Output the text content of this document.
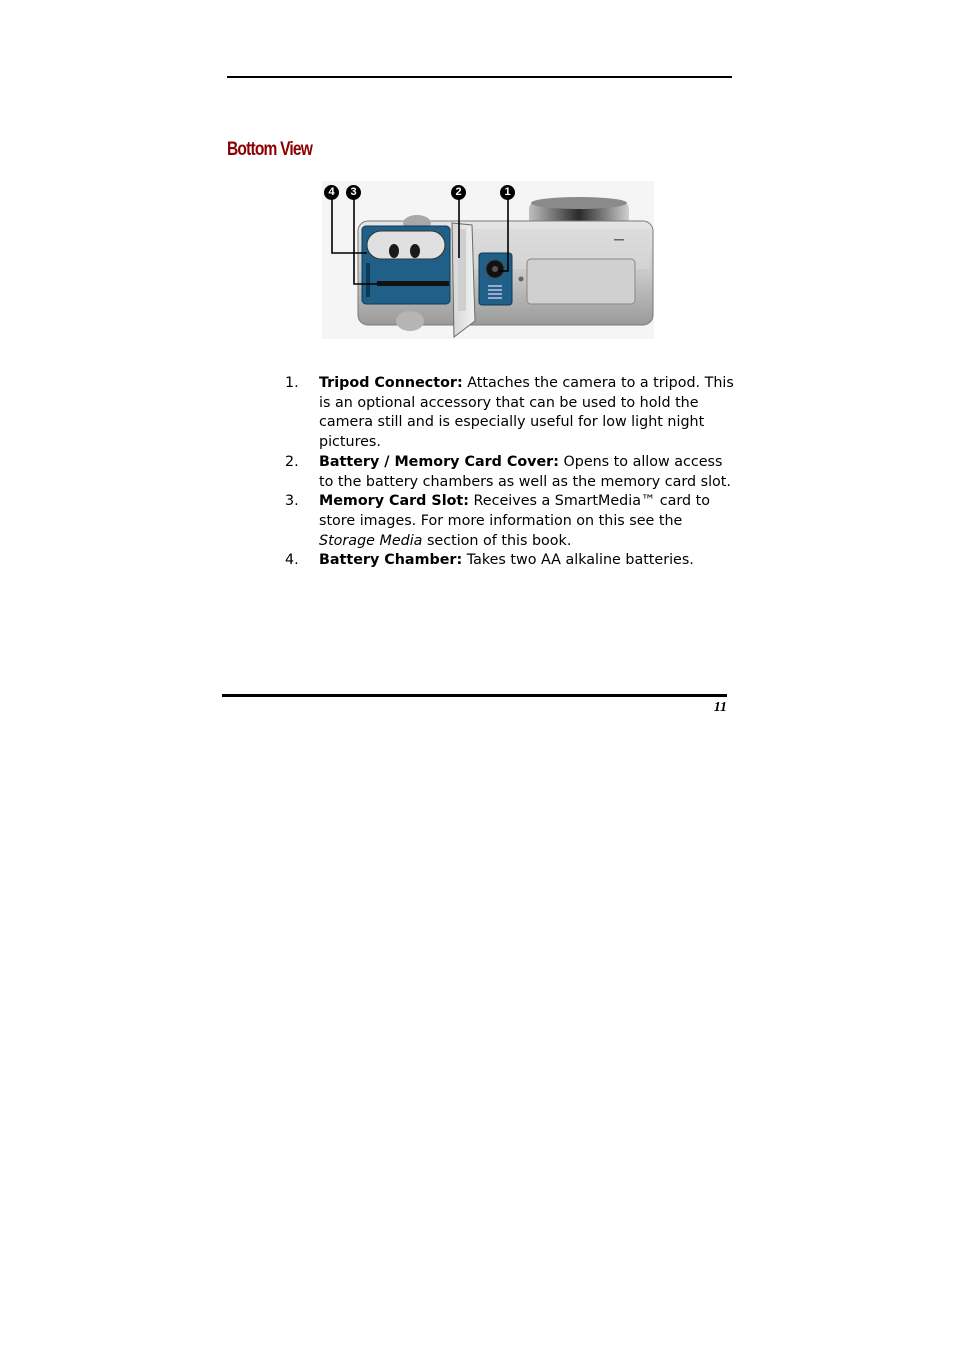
Bottom View
4	3	2	1
1. Tripod Connector: Attaches the camera to a tripod. This is an optional accessory that can be used to hold the camera still and is especially useful for low light night pictures.
2. Battery / Memory Card Cover: Opens to allow access to the battery chambers as well as the memory card slot.
3. Memory Card Slot: Receives a SmartMedia™ card to store images. For more information on this see the Storage Media section of this book.
4. Battery Chamber: Takes two AA alkaline batteries.
11
